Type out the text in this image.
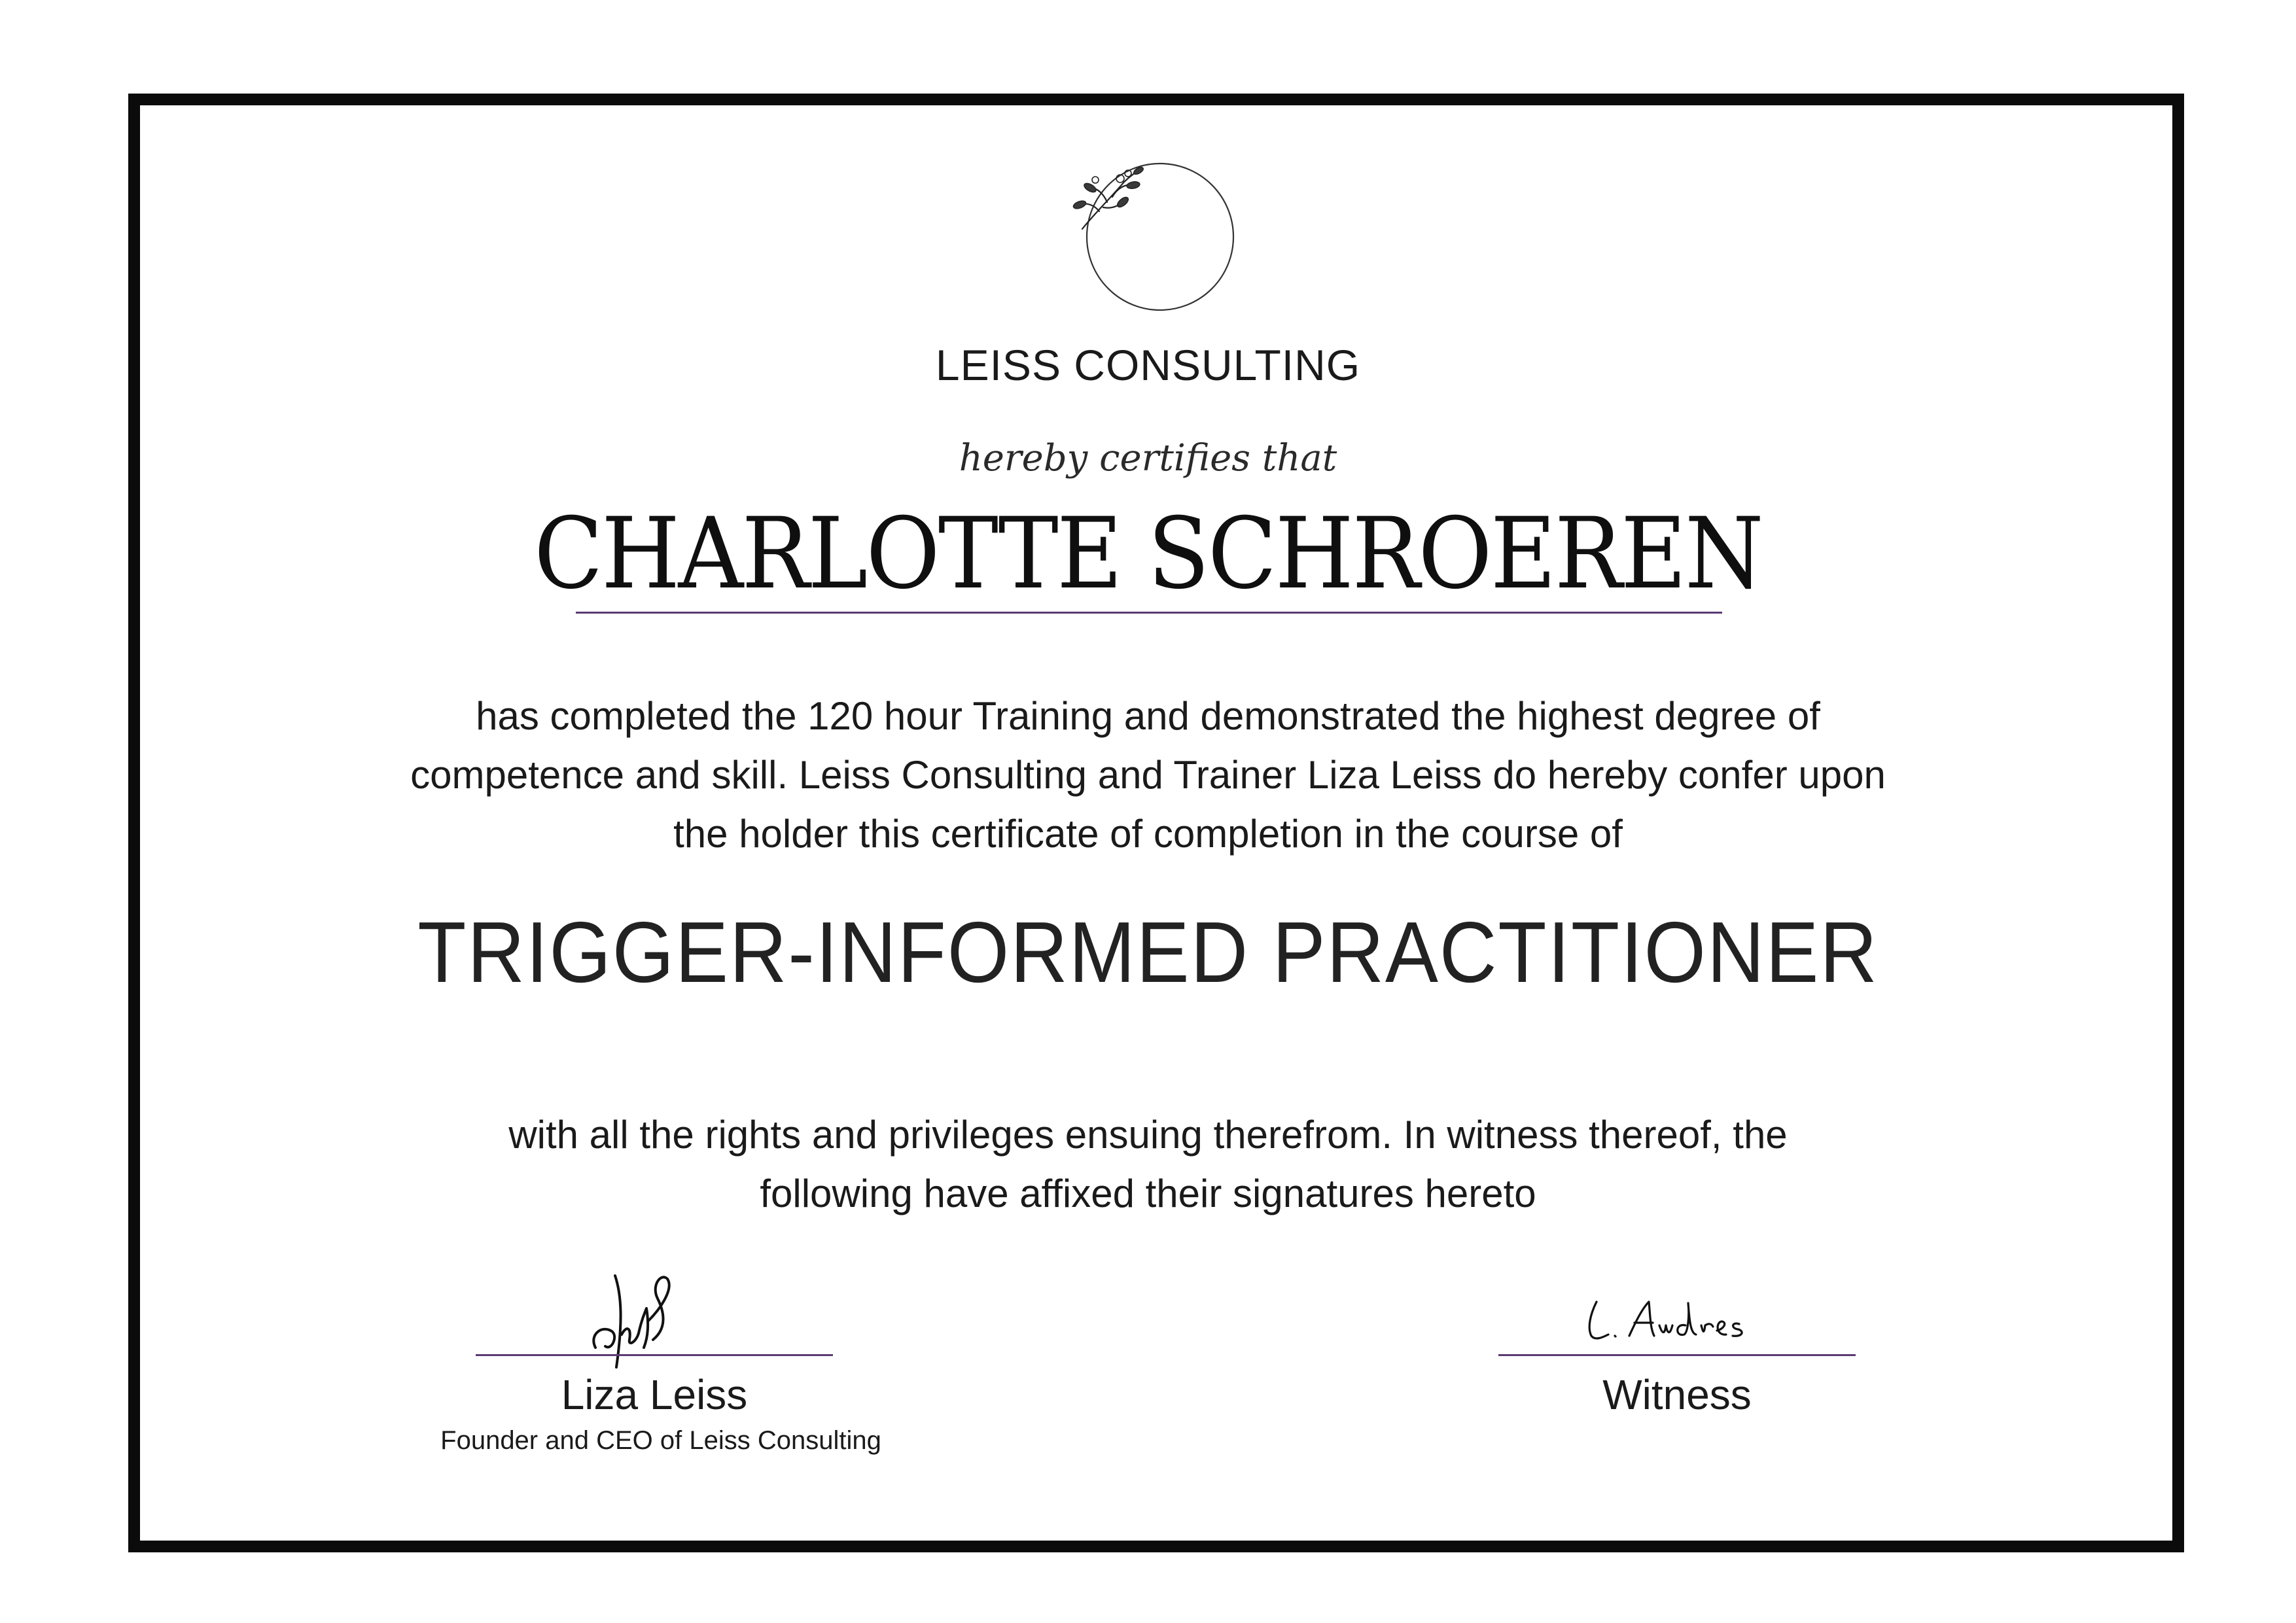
LEISS CONSULTING
hereby certifies that
CHARLOTTE SCHROEREN
has completed the 120 hour Training and demonstrated the highest degree of
competence and skill. Leiss Consulting and Trainer Liza Leiss do hereby confer upon
the holder this certificate of completion in the course of
TRIGGER-INFORMED PRACTITIONER
with all the rights and privileges ensuing therefrom. In witness thereof, the
following have affixed their signatures hereto
Liza Leiss
Founder and CEO of Leiss Consulting
Witness
